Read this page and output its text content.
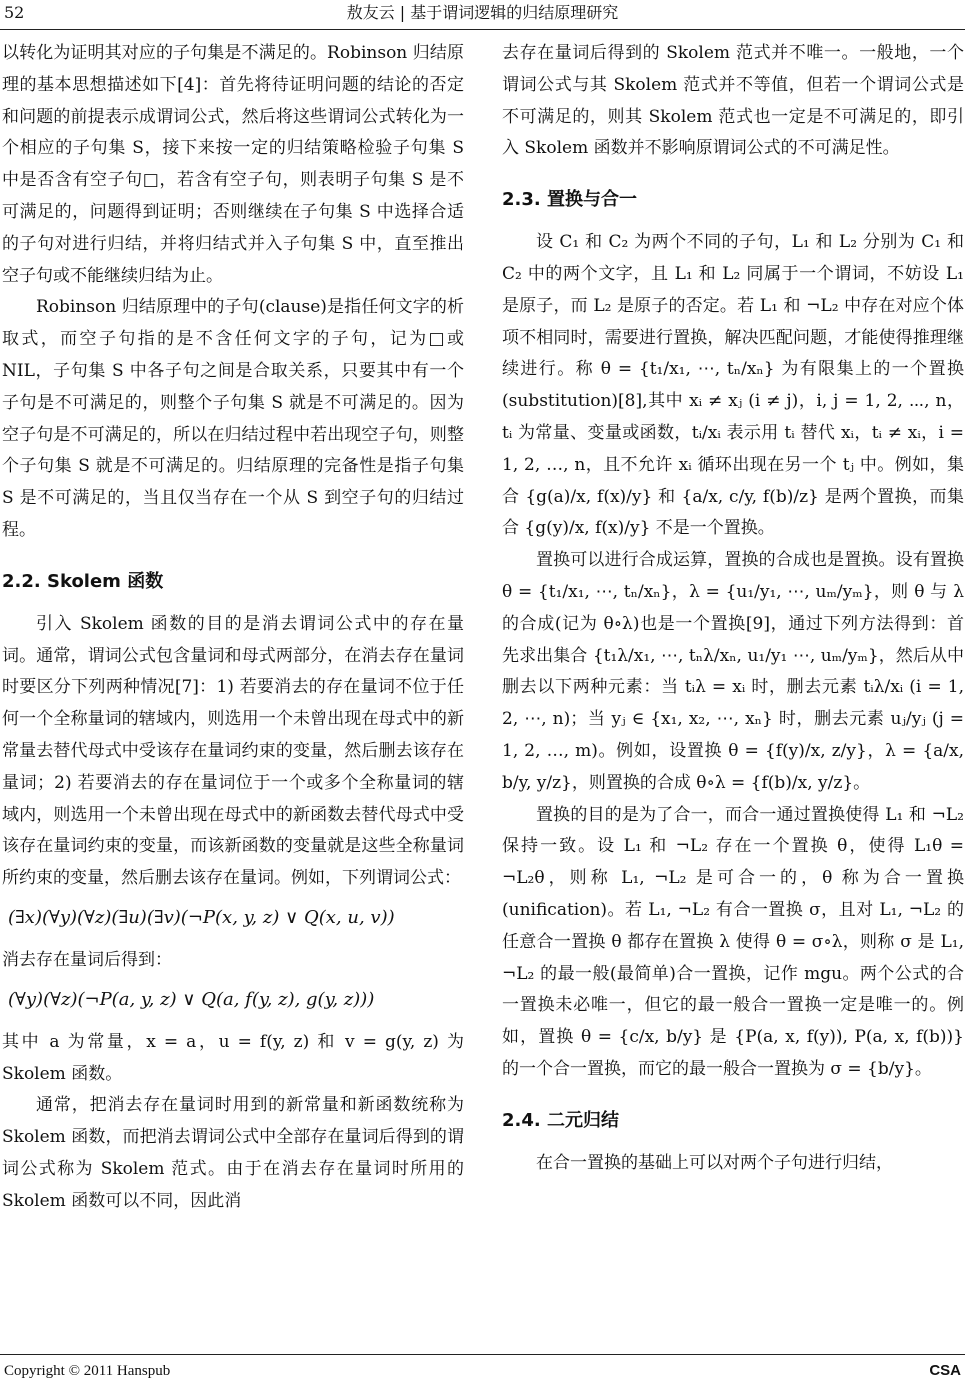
52	敖友云 | 基于谓词逻辑的归结原理研究

以转化为证明其对应的子句集是不满足的。Robinson 归结原理的基本思想描述如下[4]：首先将待证明问题的结论的否定和问题的前提表示成谓词公式，然后将这些谓词公式转化为一个相应的子句集 S，接下来按一定的归结策略检验子句集 S 中是否含有空子句□，若含有空子句，则表明子句集 S 是不可满足的，问题得到证明；否则继续在子句集 S 中选择合适的子句对进行归结，并将归结式并入子句集 S 中，直至推出空子句或不能继续归结为止。

Robinson 归结原理中的子句(clause)是指任何文字的析取式，而空子句指的是不含任何文字的子句，记为□或 NIL，子句集 S 中各子句之间是合取关系，只要其中有一个子句是不可满足的，则整个子句集 S 就是不可满足的。因为空子句是不可满足的，所以在归结过程中若出现空子句，则整个子句集 S 就是不可满足的。归结原理的完备性是指子句集 S 是不可满足的，当且仅当存在一个从 S 到空子句的归结过程。

2.2. Skolem 函数

引入 Skolem 函数的目的是消去谓词公式中的存在量词。通常，谓词公式包含量词和母式两部分，在消去存在量词时要区分下列两种情况[7]：1) 若要消去的存在量词不位于任何一个全称量词的辖域内，则选用一个未曾出现在母式中的新常量去替代母式中受该存在量词约束的变量，然后删去该存在量词；2) 若要消去的存在量词位于一个或多个全称量词的辖域内，则选用一个未曾出现在母式中的新函数去替代母式中受该存在量词约束的变量，而该新函数的变量就是这些全称量词所约束的变量，然后删去该存在量词。例如，下列谓词公式：

(∃x)(∀y)(∀z)(∃u)(∃v)(¬P(x, y, z) ∨ Q(x, u, v))

消去存在量词后得到：

(∀y)(∀z)(¬P(a, y, z) ∨ Q(a, f(y, z), g(y, z)))

其中 a 为常量，x = a，u = f(y, z) 和 v = g(y, z) 为 Skolem 函数。

通常，把消去存在量词时用到的新常量和新函数统称为 Skolem 函数，而把消去谓词公式中全部存在量词后得到的谓词公式称为 Skolem 范式。由于在消去存在量词时所用的 Skolem 函数可以不同，因此消

去存在量词后得到的 Skolem 范式并不唯一。一般地，一个谓词公式与其 Skolem 范式并不等值，但若一个谓词公式是不可满足的，则其 Skolem 范式也一定是不可满足的，即引入 Skolem 函数并不影响原谓词公式的不可满足性。

2.3. 置换与合一

设 C₁ 和 C₂ 为两个不同的子句，L₁ 和 L₂ 分别为 C₁ 和 C₂ 中的两个文字，且 L₁ 和 L₂ 同属于一个谓词，不妨设 L₁ 是原子，而 L₂ 是原子的否定。若 L₁ 和 ¬L₂ 中存在对应个体项不相同时，需要进行置换，解决匹配问题，才能使得推理继续进行。称 θ = {t₁/x₁, ⋯, tₙ/xₙ} 为有限集上的一个置换(substitution)[8],其中 xᵢ ≠ xⱼ (i ≠ j)，i, j = 1, 2, ⋯, n，tᵢ 为常量、变量或函数，tᵢ/xᵢ 表示用 tᵢ 替代 xᵢ，tᵢ ≠ xᵢ，i = 1, 2, …, n，且不允许 xᵢ 循环出现在另一个 tⱼ 中。例如，集合 {g(a)/x, f(x)/y} 和 {a/x, c/y, f(b)/z} 是两个置换，而集合 {g(y)/x, f(x)/y} 不是一个置换。

置换可以进行合成运算，置换的合成也是置换。设有置换 θ = {t₁/x₁, ⋯, tₙ/xₙ}，λ = {u₁/y₁, ⋯, uₘ/yₘ}，则 θ 与 λ 的合成(记为 θ∘λ)也是一个置换[9]，通过下列方法得到：首先求出集合 {t₁λ/x₁, ⋯, tₙλ/xₙ, u₁/y₁ ⋯, uₘ/yₘ}，然后从中删去以下两种元素：当 tᵢλ = xᵢ 时，删去元素 tᵢλ/xᵢ (i = 1, 2, ⋯, n)；当 yⱼ ∈ {x₁, x₂, ⋯, xₙ} 时，删去元素 uⱼ/yⱼ (j = 1, 2, …, m)。例如，设置换 θ = {f(y)/x, z/y}，λ = {a/x, b/y, y/z}，则置换的合成 θ∘λ = {f(b)/x, y/z}。

置换的目的是为了合一，而合一通过置换使得 L₁ 和 ¬L₂ 保持一致。设 L₁ 和 ¬L₂ 存在一个置换 θ，使得 L₁θ = ¬L₂θ，则称 L₁, ¬L₂ 是可合一的，θ 称为合一置换(unification)。若 L₁, ¬L₂ 有合一置换 σ，且对 L₁, ¬L₂ 的任意合一置换 θ 都存在置换 λ 使得 θ = σ∘λ，则称 σ 是 L₁, ¬L₂ 的最一般(最简单)合一置换，记作 mgu。两个公式的合一置换未必唯一，但它的最一般合一置换一定是唯一的。例如，置换 θ = {c/x, b/y} 是 {P(a, x, f(y)), P(a, x, f(b))} 的一个合一置换，而它的最一般合一置换为 σ = {b/y}。

2.4. 二元归结

在合一置换的基础上可以对两个子句进行归结，

Copyright © 2011 Hanspub	CSA
